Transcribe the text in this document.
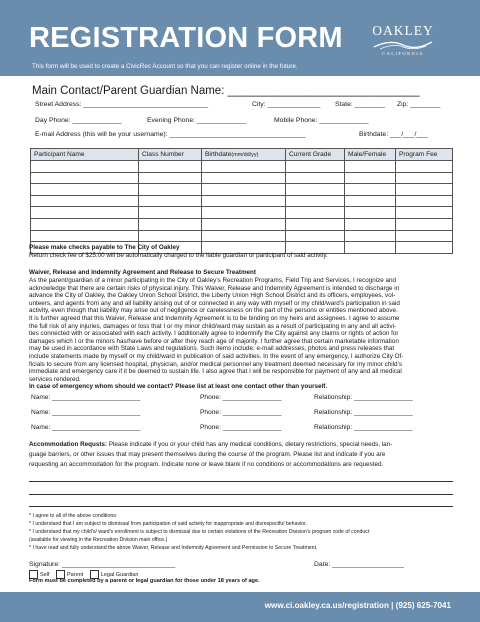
REGISTRATION FORM
This form will be used to create a CivicRec Account so that you can register online in the future.
OAKLEY
CALIFORNIA
Main Contact/Parent Guardian Name: ______________________________
Street Address: _________________________________	City: ______________ State: ________ Zip: ________
Day Phone: _____________	Evening Phone: _____________	Mobile Phone: _____________
E-mail Address (this will be your username): ____________________________________	Birthdate: ___/___/___
Participant Name	Class Number	Birthdate(mm/dd/yy)	Current Grade	Male/Female	Program Fee

Please make checks payable to The City of Oakley
Return check fee of $25.00 will be automatically charged to the liable guardian or participant of said activity.
Waiver, Release and Indemnity Agreement and Release to Secure Treatment
As the parent/guardian of a minor participating in the City of Oakley’s Recreation Programs, Field Trip and Services, I recognize and
acknowledge that there are certain risks of physical injury. This Waiver, Release and Indemnity Agreement is intended to discharge in
advance the City of Oakley, the Oakley Union School District, the Liberty Union High School District and its officers, employees, vol-
unteers, and agents from any and all liability arising out of or connected in any way with myself or my child/ward’s participation in said
activity, even though that liability may arise out of negligence or carelessness on the part of the persons or entities mentioned above.
It is further agreed that this Waiver, Release and Indemnity Agreement is to be binding on my heirs and assignees. I agree to assume
the full risk of any injuries, damages or loss that I or my minor child/ward may sustain as a result of participating in any and all activi-
ties connected with or associated with each activity. I additionally agree to indemnify the City against any claims or rights of action for
damages which I or the minors has/have before or after they reach age of majority. I further agree that certain marketable information
may be used in accordance with State Laws and regulations. Such items include: e-mail addresses, photos and press releases that
include statements made by myself or my child/ward in publication of said activities. In the event of any emergency, I authorize City Of-
ficials to secure from any licensed hospital, physician, and/or medical personnel any treatment deemed necessary for my minor child’s
immediate and emergency care if it be deemed to sustain life. I also agree that I will be responsible for payment of any and all medical
services rendered.
In case of emergency whom should we contact? Please list at least one contact other than yourself.
Name: ________________________	Phone: ________________	Relationship: ________________
Name: ________________________	Phone: ________________	Relationship: ________________
Name: ________________________	Phone: ________________	Relationship: ________________
Accommodation Requsts: Please indicate if you or your child has any medical conditions, dietary restrictions, special needs, lan-
guage barriers, or other issues that may present themselves during the course of the program. Please list and indicate if you are
requesting an accommodation for the program. Indicate none or leave blank if no conditions or accommodations are requested.
* I agree to all of the above conditions:
* I understand that I am subject to dismissal from participation of said activity for inappropriate and disrespectful behavior.
* I understand that my child's/ ward's enrollment is subject to dismissal due to certain violations of the Recreation Division's program code of conduct
(available for viewing in the Recreation Division main office.)
* I have read and fully understand the above Waiver, Release and Indemnity Agreement and Permission to Secure Treatment.
Signature: ______________________________	Date: ___________________
Self	Parent	Legal Guardian
Form must be completed by a parent or legal guardian for those under 18 years of age.
www.ci.oakley.ca.us/registration | (925) 625-7041
